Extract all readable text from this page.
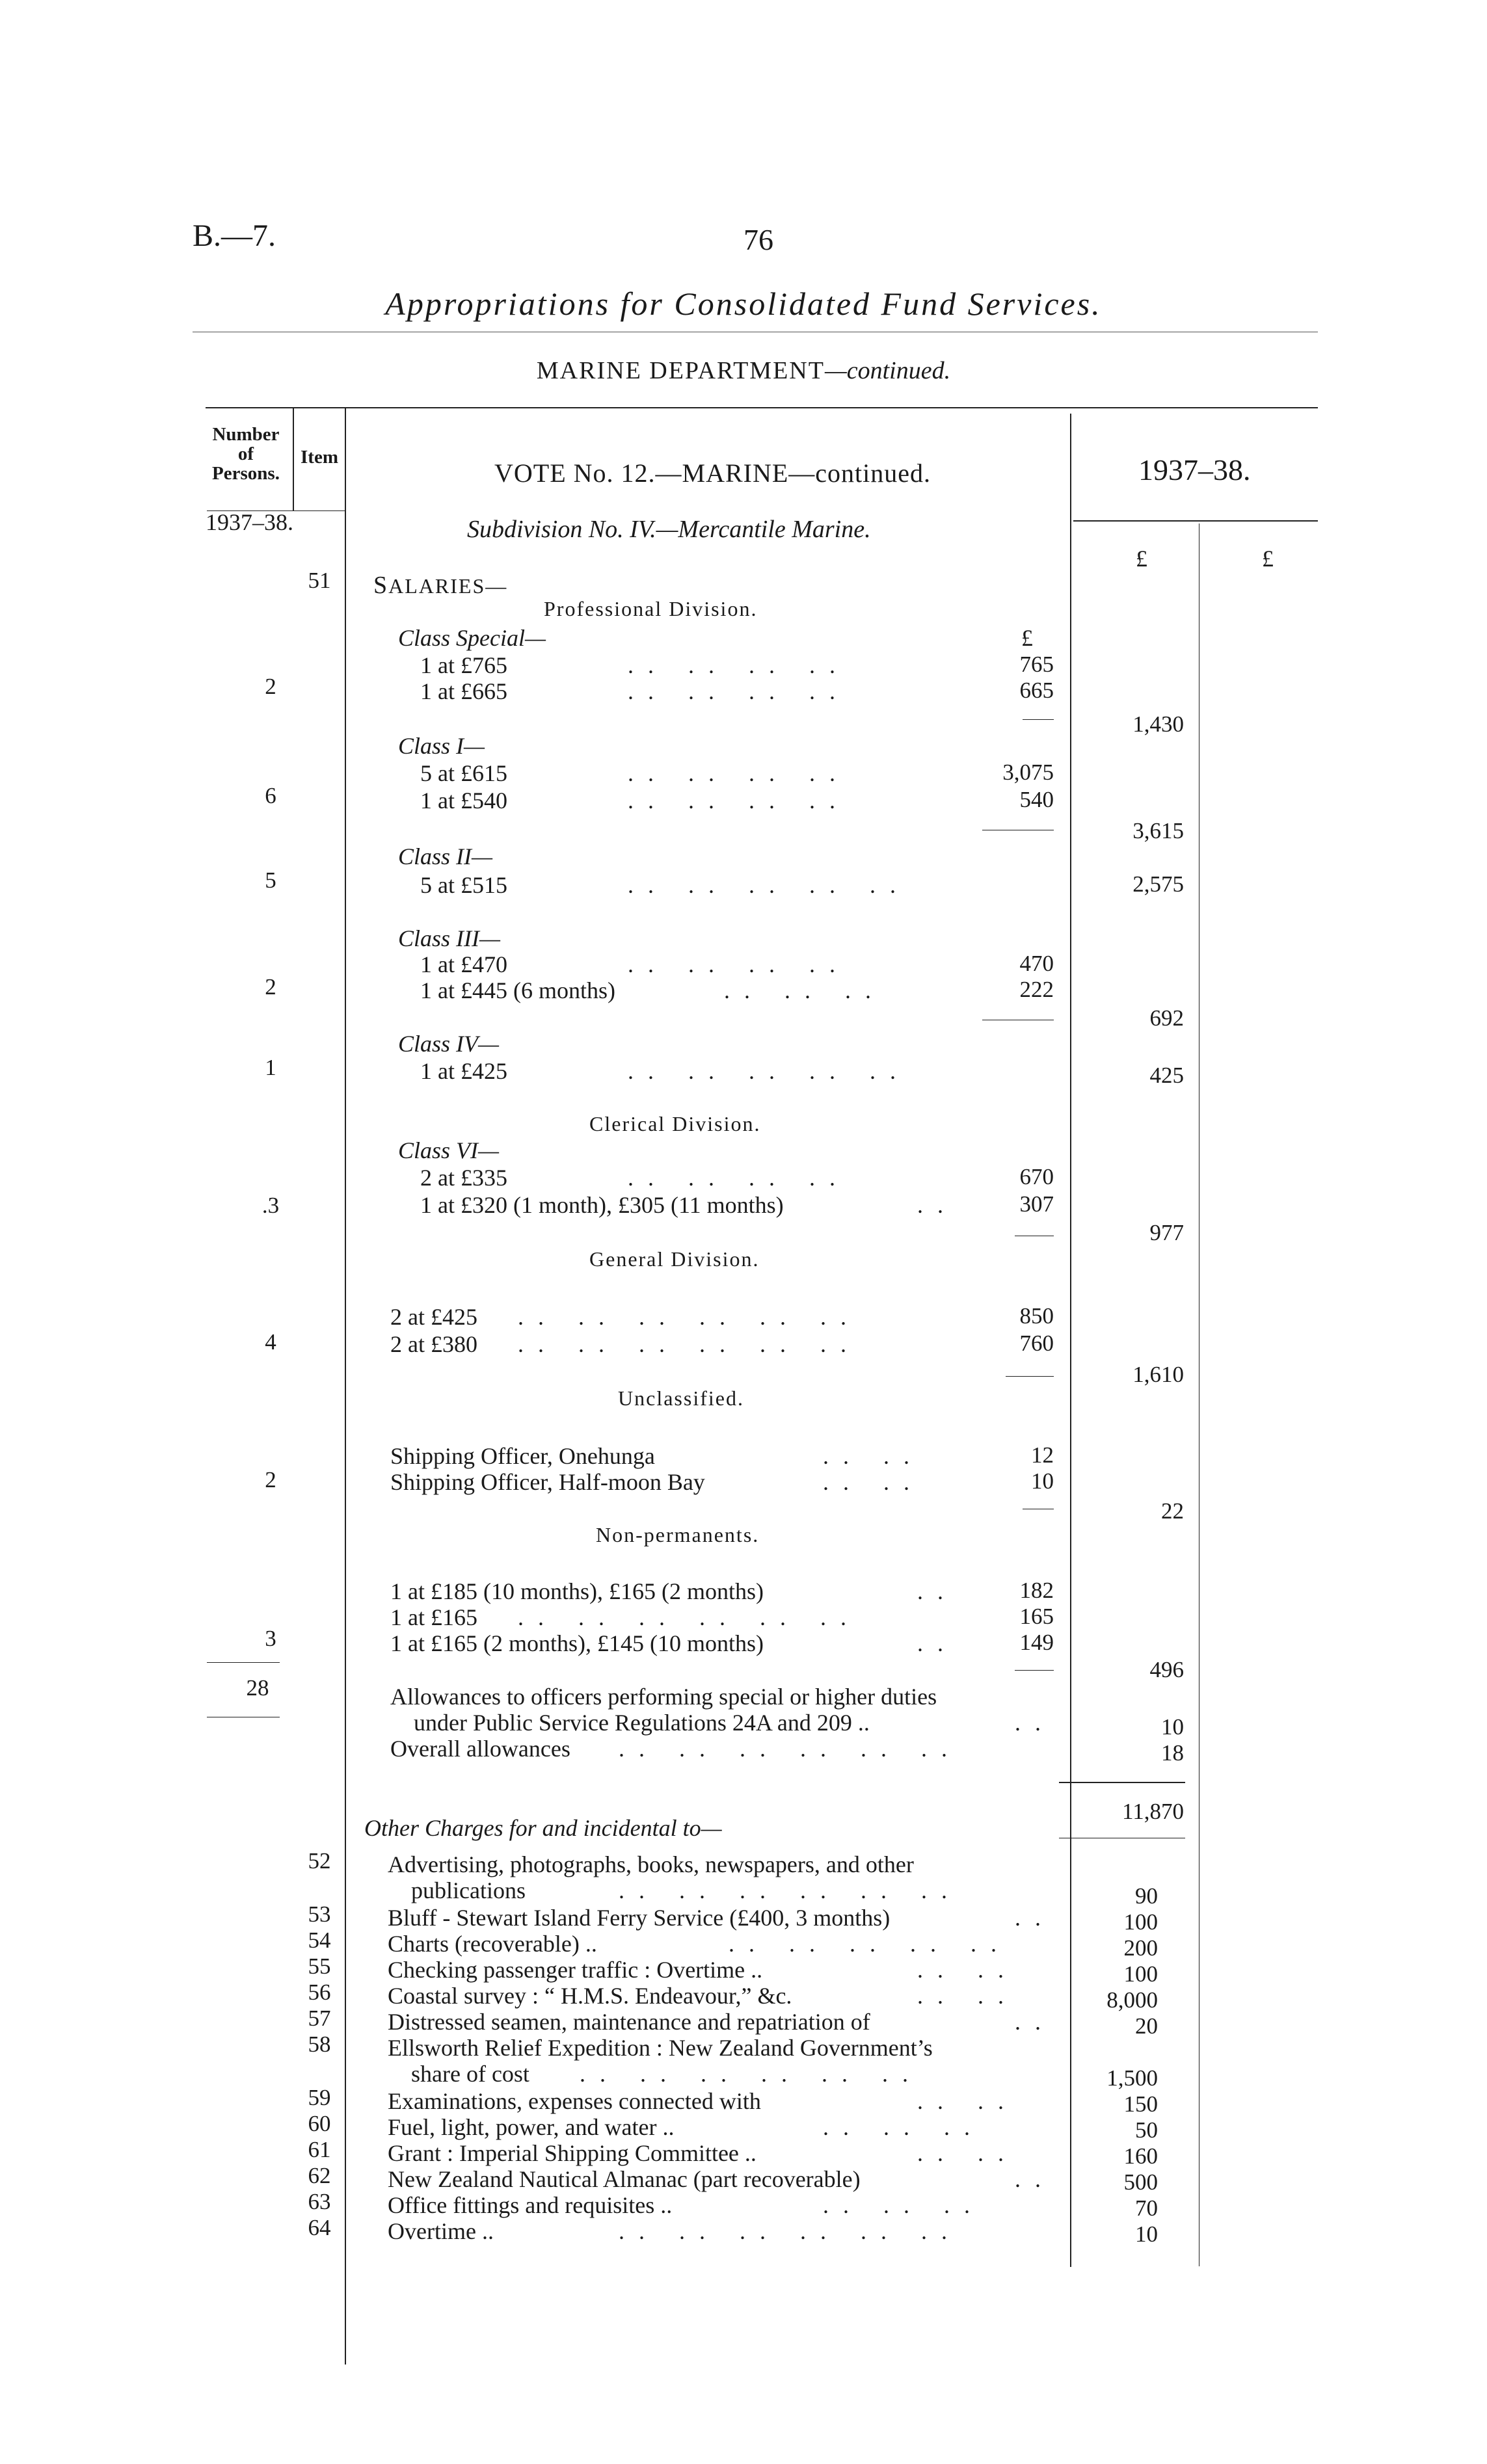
B.—7.	76
Appropriations for Consolidated Fund Services.
MARINE DEPARTMENT—continued.
Number
of
Persons.
Item
VOTE No. 12.—MARINE—continued.	1937–38.
1937–38.	Subdivision No. IV.—Mercantile Marine.
£	£
51	SALARIES—
Professional Division.
Class Special—	£
1 at £765	.. .. .. ..	765
2	1 at £665	.. .. .. ..	665
1,430
Class I—
5 at £615	.. .. .. ..	3,075
6	1 at £540	.. .. .. ..	540
3,615
Class II—
5	5 at £515	.. .. .. .. ..	2,575
Class III—
1 at £470	.. .. .. ..	470
2	1 at £445 (6 months)	.. .. ..	222
692
Class IV—
1	1 at £425	.. .. .. .. ..	425
Clerical Division.
Class VI—
2 at £335	.. .. .. ..	670
.3	1 at £320 (1 month), £305 (11 months)	..	307
977
General Division.
2 at £425 .. .. .. .. .. ..	850
4	2 at £380 .. .. .. .. .. ..	760
1,610
Unclassified.
Shipping Officer, Onehunga	.. ..	12
2	Shipping Officer, Half-moon Bay	.. ..	10
22
Non-permanents.
1 at £185 (10 months), £165 (2 months)	..	182
1 at £165 .. .. .. .. .. ..	165
3	1 at £165 (2 months), £145 (10 months)	..	149
496
28	Allowances to officers performing special or higher duties
under Public Service Regulations 24A and 209 ..	..	10
Overall allowances .. .. .. .. .. ..	18
11,870
Other Charges for and incidental to—
52	Advertising, photographs, books, newspapers, and other
publications	.. .. .. .. .. ..	90
53	Bluff - Stewart Island Ferry Service (£400, 3 months)	..	100
54	Charts (recoverable) ..	.. .. .. .. ..	200
55	Checking passenger traffic : Overtime ..	.. ..	100
56	Coastal survey : “ H.M.S. Endeavour,” &c.	.. ..	8,000
57	Distressed seamen, maintenance and repatriation of	..	20
58	Ellsworth Relief Expedition : New Zealand Government’s
share of cost .. .. .. .. .. ..	1,500
59	Examinations, expenses connected with	.. ..	150
60	Fuel, light, power, and water ..	.. .. ..	50
61	Grant : Imperial Shipping Committee ..	.. ..	160
62	New Zealand Nautical Almanac (part recoverable)	..	500
63	Office fittings and requisites ..	.. .. ..	70
64	Overtime ..	.. .. .. .. .. ..	10
